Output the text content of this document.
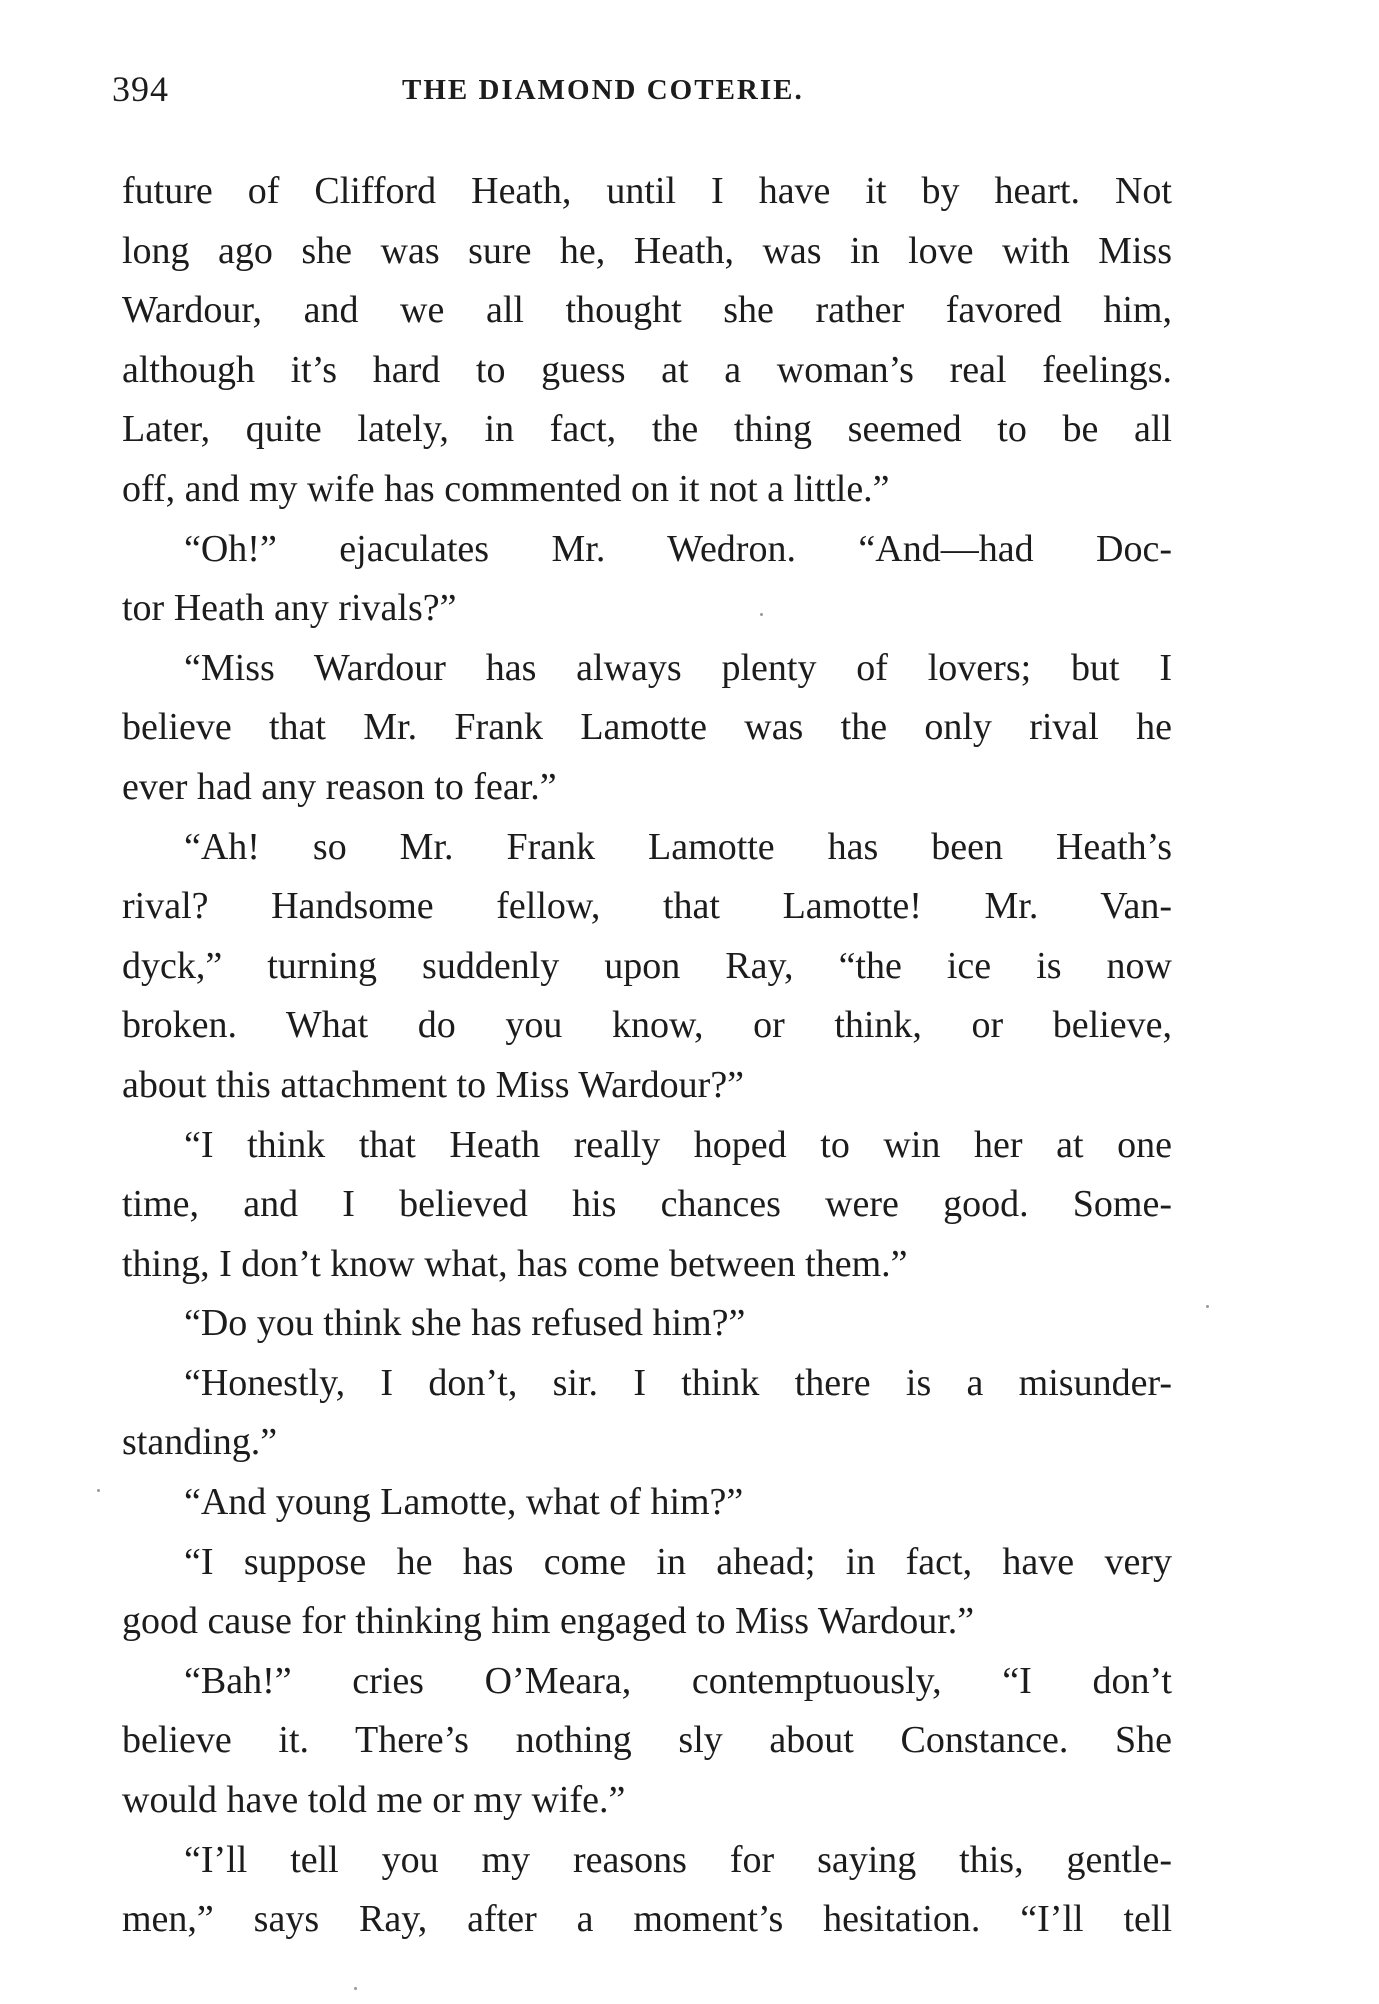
394	THE DIAMOND COTERIE.
future of Clifford Heath, until I have it by heart. Not
long ago she was sure he, Heath, was in love with Miss
Wardour, and we all thought she rather favored him,
although it’s hard to guess at a woman’s real feelings.
Later, quite lately, in fact, the thing seemed to be all
off, and my wife has commented on it not a little.”
“Oh!” ejaculates Mr. Wedron. “And—had Doc-
tor Heath any rivals?”
“Miss Wardour has always plenty of lovers; but I
believe that Mr. Frank Lamotte was the only rival he
ever had any reason to fear.”
“Ah! so Mr. Frank Lamotte has been Heath’s
rival? Handsome fellow, that Lamotte! Mr. Van-
dyck,” turning suddenly upon Ray, “the ice is now
broken. What do you know, or think, or believe,
about this attachment to Miss Wardour?”
“I think that Heath really hoped to win her at one
time, and I believed his chances were good. Some-
thing, I don’t know what, has come between them.”
“Do you think she has refused him?”
“Honestly, I don’t, sir. I think there is a misunder-
standing.”
“And young Lamotte, what of him?”
“I suppose he has come in ahead; in fact, have very
good cause for thinking him engaged to Miss Wardour.”
“Bah!” cries O’Meara, contemptuously, “I don’t
believe it. There’s nothing sly about Constance. She
would have told me or my wife.”
“I’ll tell you my reasons for saying this, gentle-
men,” says Ray, after a moment’s hesitation. “I’ll tell
